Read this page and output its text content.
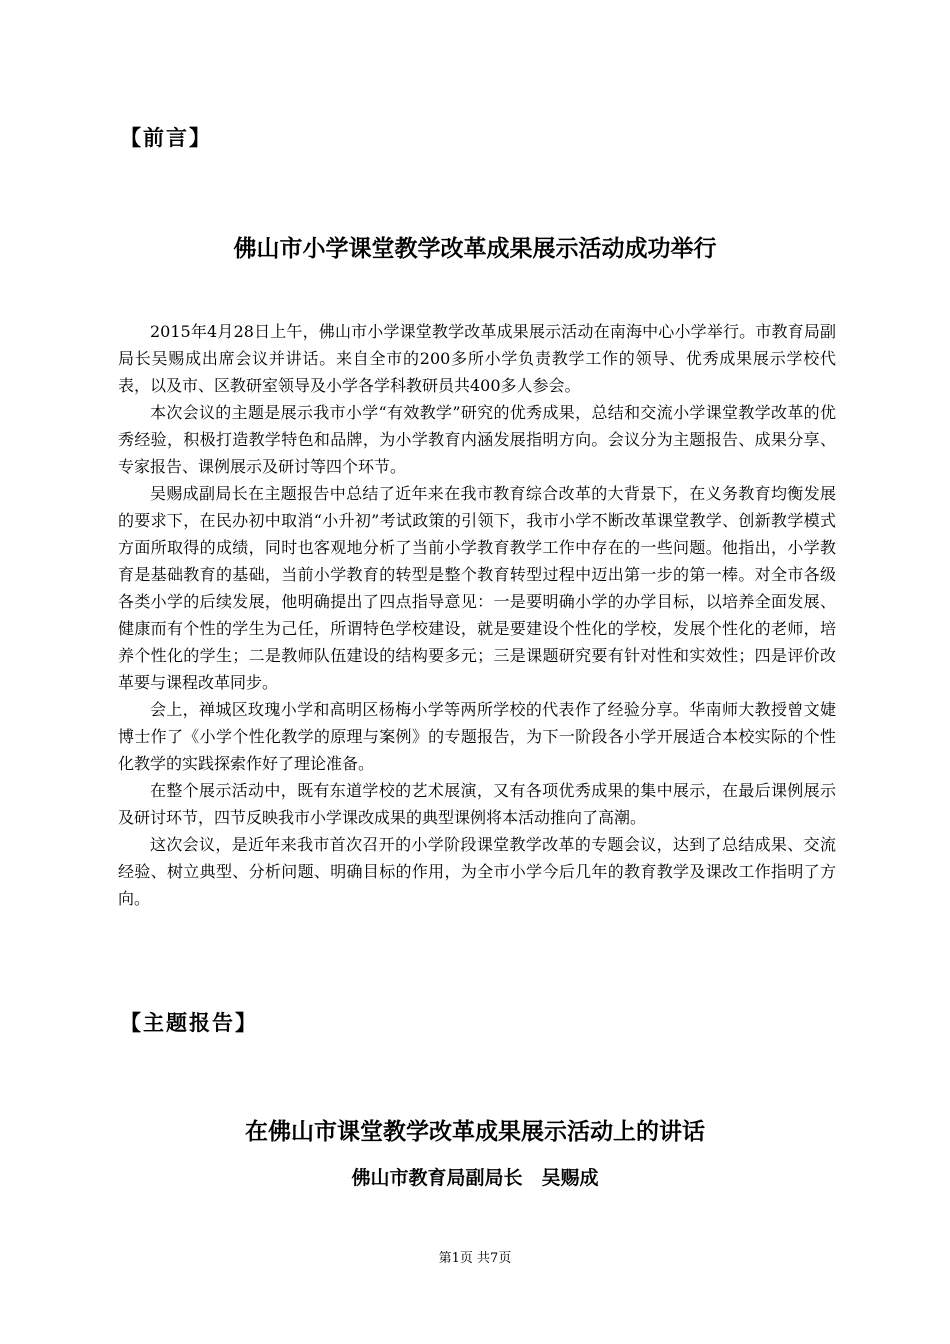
【前言】
佛山市小学课堂教学改革成果展示活动成功举行

2015年4月28日上午，佛山市小学课堂教学改革成果展示活动在南海中心小学举行。市教育局副局长吴赐成出席会议并讲话。来自全市的200多所小学负责教学工作的领导、优秀成果展示学校代表，以及市、区教研室领导及小学各学科教研员共400多人参会。

本次会议的主题是展示我市小学“有效教学”研究的优秀成果，总结和交流小学课堂教学改革的优秀经验，积极打造教学特色和品牌，为小学教育内涵发展指明方向。会议分为主题报告、成果分享、专家报告、课例展示及研讨等四个环节。

吴赐成副局长在主题报告中总结了近年来在我市教育综合改革的大背景下，在义务教育均衡发展的要求下，在民办初中取消“小升初”考试政策的引领下，我市小学不断改革课堂教学、创新教学模式方面所取得的成绩，同时也客观地分析了当前小学教育教学工作中存在的一些问题。他指出，小学教育是基础教育的基础，当前小学教育的转型是整个教育转型过程中迈出第一步的第一棒。对全市各级各类小学的后续发展，他明确提出了四点指导意见：一是要明确小学的办学目标，以培养全面发展、健康而有个性的学生为己任，所谓特色学校建设，就是要建设个性化的学校，发展个性化的老师，培养个性化的学生；二是教师队伍建设的结构要多元；三是课题研究要有针对性和实效性；四是评价改革要与课程改革同步。

会上，禅城区玫瑰小学和高明区杨梅小学等两所学校的代表作了经验分享。华南师大教授曾文婕博士作了《小学个性化教学的原理与案例》的专题报告，为下一阶段各小学开展适合本校实际的个性化教学的实践探索作好了理论准备。

在整个展示活动中，既有东道学校的艺术展演，又有各项优秀成果的集中展示，在最后课例展示及研讨环节，四节反映我市小学课改成果的典型课例将本活动推向了高潮。

这次会议，是近年来我市首次召开的小学阶段课堂教学改革的专题会议，达到了总结成果、交流经验、树立典型、分析问题、明确目标的作用，为全市小学今后几年的教育教学及课改工作指明了方向。

【主题报告】
在佛山市课堂教学改革成果展示活动上的讲话
佛山市教育局副局长　吴赐成
第1页 共7页
